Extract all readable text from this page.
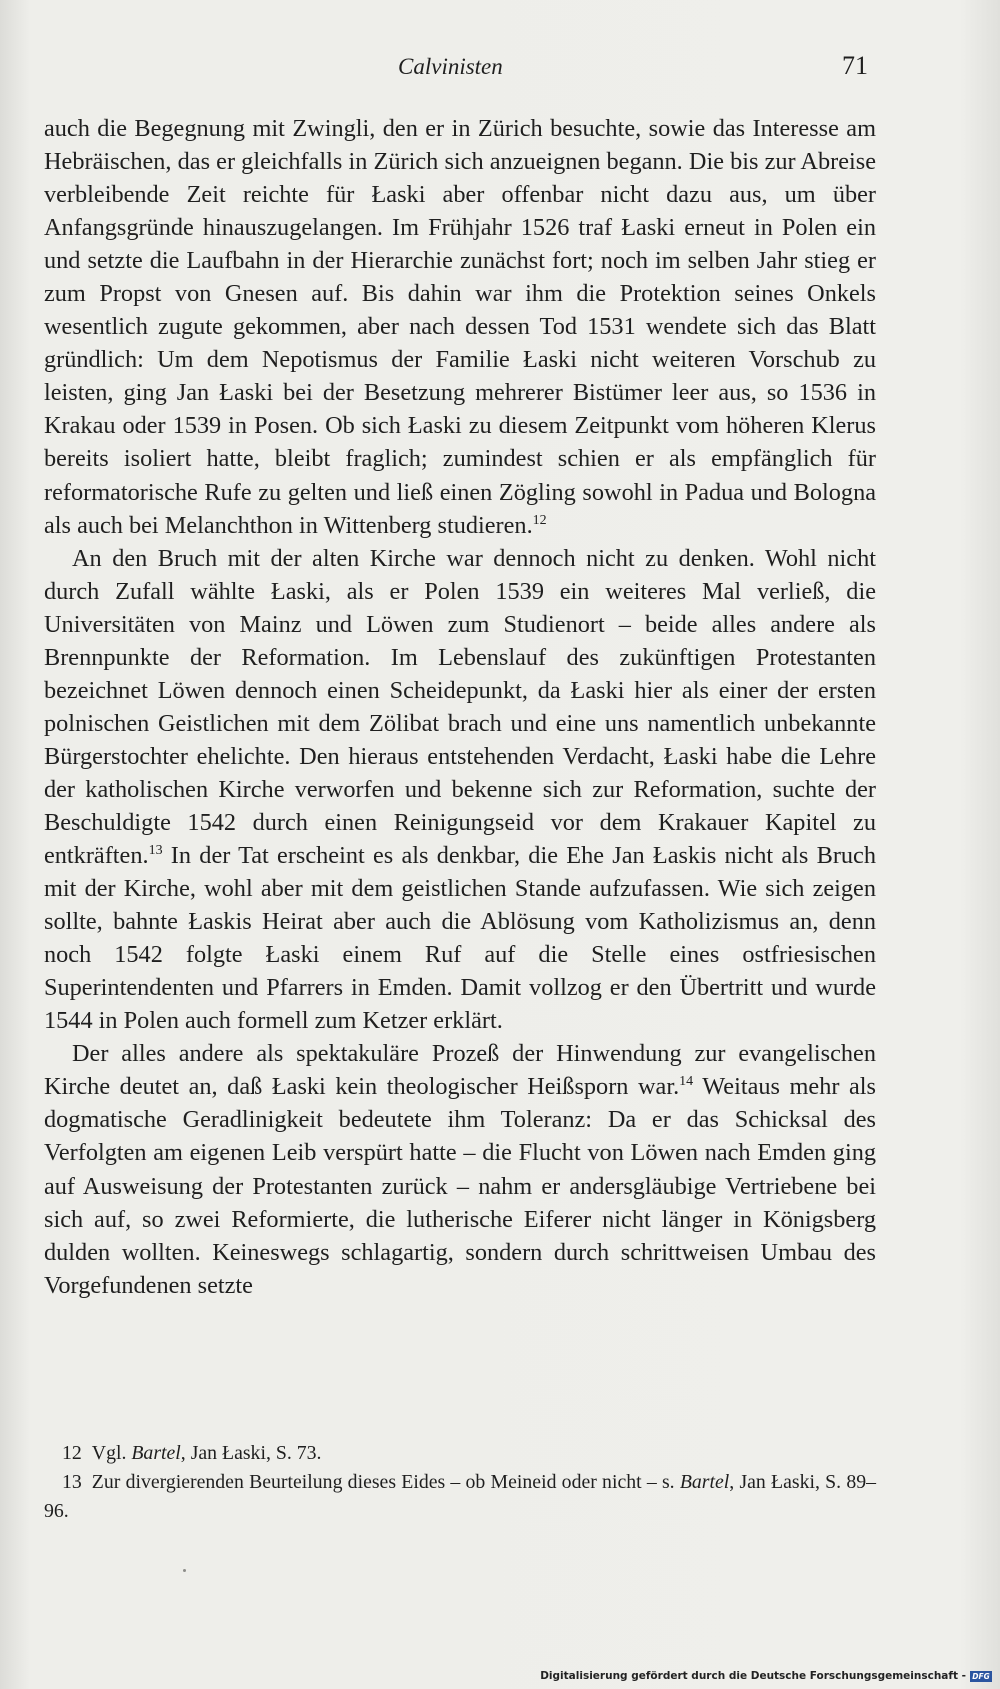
Calvinisten	71

auch die Begegnung mit Zwingli, den er in Zürich besuchte, sowie das Interesse am Hebräischen, das er gleichfalls in Zürich sich anzueignen begann. Die bis zur Abreise verbleibende Zeit reichte für Łaski aber offenbar nicht dazu aus, um über Anfangsgründe hinauszugelangen. Im Frühjahr 1526 traf Łaski erneut in Polen ein und setzte die Laufbahn in der Hierarchie zunächst fort; noch im selben Jahr stieg er zum Propst von Gnesen auf. Bis dahin war ihm die Protektion seines Onkels wesentlich zugute gekommen, aber nach dessen Tod 1531 wendete sich das Blatt gründlich: Um dem Nepotismus der Familie Łaski nicht weiteren Vorschub zu leisten, ging Jan Łaski bei der Besetzung mehrerer Bistümer leer aus, so 1536 in Krakau oder 1539 in Posen. Ob sich Łaski zu diesem Zeitpunkt vom höheren Klerus bereits isoliert hatte, bleibt fraglich; zumindest schien er als empfänglich für reformatorische Rufe zu gelten und ließ einen Zögling sowohl in Padua und Bologna als auch bei Melanchthon in Wittenberg studieren.$^{12}$

An den Bruch mit der alten Kirche war dennoch nicht zu denken. Wohl nicht durch Zufall wählte Łaski, als er Polen 1539 ein weiteres Mal verließ, die Universitäten von Mainz und Löwen zum Studienort – beide alles andere als Brennpunkte der Reformation. Im Lebenslauf des zukünftigen Protestanten bezeichnet Löwen dennoch einen Scheidepunkt, da Łaski hier als einer der ersten polnischen Geistlichen mit dem Zölibat brach und eine uns namentlich unbekannte Bürgerstochter ehelichte. Den hieraus entstehenden Verdacht, Łaski habe die Lehre der katholischen Kirche verworfen und bekenne sich zur Reformation, suchte der Beschuldigte 1542 durch einen Reinigungseid vor dem Krakauer Kapitel zu entkräften.$^{13}$ In der Tat erscheint es als denkbar, die Ehe Jan Łaskis nicht als Bruch mit der Kirche, wohl aber mit dem geistlichen Stande aufzufassen. Wie sich zeigen sollte, bahnte Łaskis Heirat aber auch die Ablösung vom Katholizismus an, denn noch 1542 folgte Łaski einem Ruf auf die Stelle eines ostfriesischen Superintendenten und Pfarrers in Emden. Damit vollzog er den Übertritt und wurde 1544 in Polen auch formell zum Ketzer erklärt.

Der alles andere als spektakuläre Prozeß der Hinwendung zur evangelischen Kirche deutet an, daß Łaski kein theologischer Heißsporn war.$^{14}$ Weitaus mehr als dogmatische Geradlinigkeit bedeutete ihm Toleranz: Da er das Schicksal des Verfolgten am eigenen Leib verspürt hatte – die Flucht von Löwen nach Emden ging auf Ausweisung der Protestanten zurück – nahm er andersgläubige Vertriebene bei sich auf, so zwei Reformierte, die lutherische Eiferer nicht länger in Königsberg dulden wollten. Keineswegs schlagartig, sondern durch schrittweisen Umbau des Vorgefundenen setzte

12 Vgl. Bartel, Jan Łaski, S. 73.

13 Zur divergierenden Beurteilung dieses Eides – ob Meineid oder nicht – s. Bartel, Jan Łaski, S. 89–96.

Digitalisierung gefördert durch die Deutsche Forschungsgemeinschaft - DFG
